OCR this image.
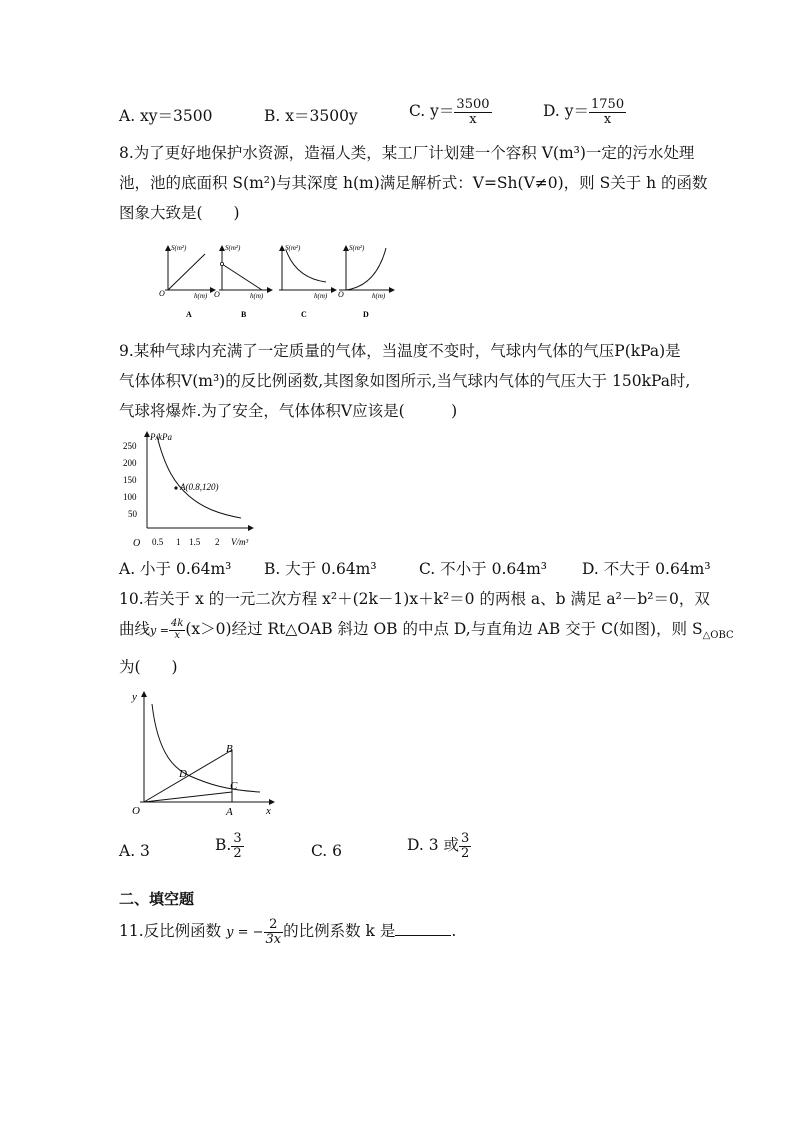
A. xy＝3500	B. x＝3500y	C. $y= \frac{3500}{x}$	D. $y= \frac{1750}{x}$
8.为了更好地保护水资源，造福人类，某工厂计划建一个容积 V(m³)一定的污水处理
池，池的底面积 S(m²)与其深度 h(m)满足解析式：V=Sh(V≠0)，则 S关于 h 的函数
图象大致是(　　)
S(m²)
h(m)
O
A
S(m²)
h(m)
O
B
S(m²)
h(m)
C
S(m²)
h(m)
O
D
9.某种气球内充满了一定质量的气体，当温度不变时，气球内气体的气压P(kPa)是
气体体积V(m³)的反比例函数,其图象如图所示,当气球内气体的气压大于 150kPa时,
气球将爆炸.为了安全，气体体积V应该是(　　　)
P/kPa
V/m³
O
250
200
150
100
50
0.5 1 1.5 2
A(0.8,120)
A. 小于 0.64m³ B. 大于 0.64m³	C. 不小于 0.64m³ D. 不大于 0.64m³
10.若关于 x 的一元二次方程 x²＋(2k－1)x＋k²＝0 的两根 a、b 满足 a²－b²＝0，双
曲线$y = \frac{4k}{x} (x>0)$经过 Rt△OAB 斜边 OB 的中点 D,与直角边 AB 交于 C(如图)，则 $S_{\triangle OBC}$
为(　　)
y
x
O	A
B
C
D
A. 3	B. $\frac{3}{2}$	C. 6	D. 3 或 $\frac{3}{2}$
二、填空题
11.反比例函数 y = − $\frac{2}{3x}$ 的比例系数 k 是	.
